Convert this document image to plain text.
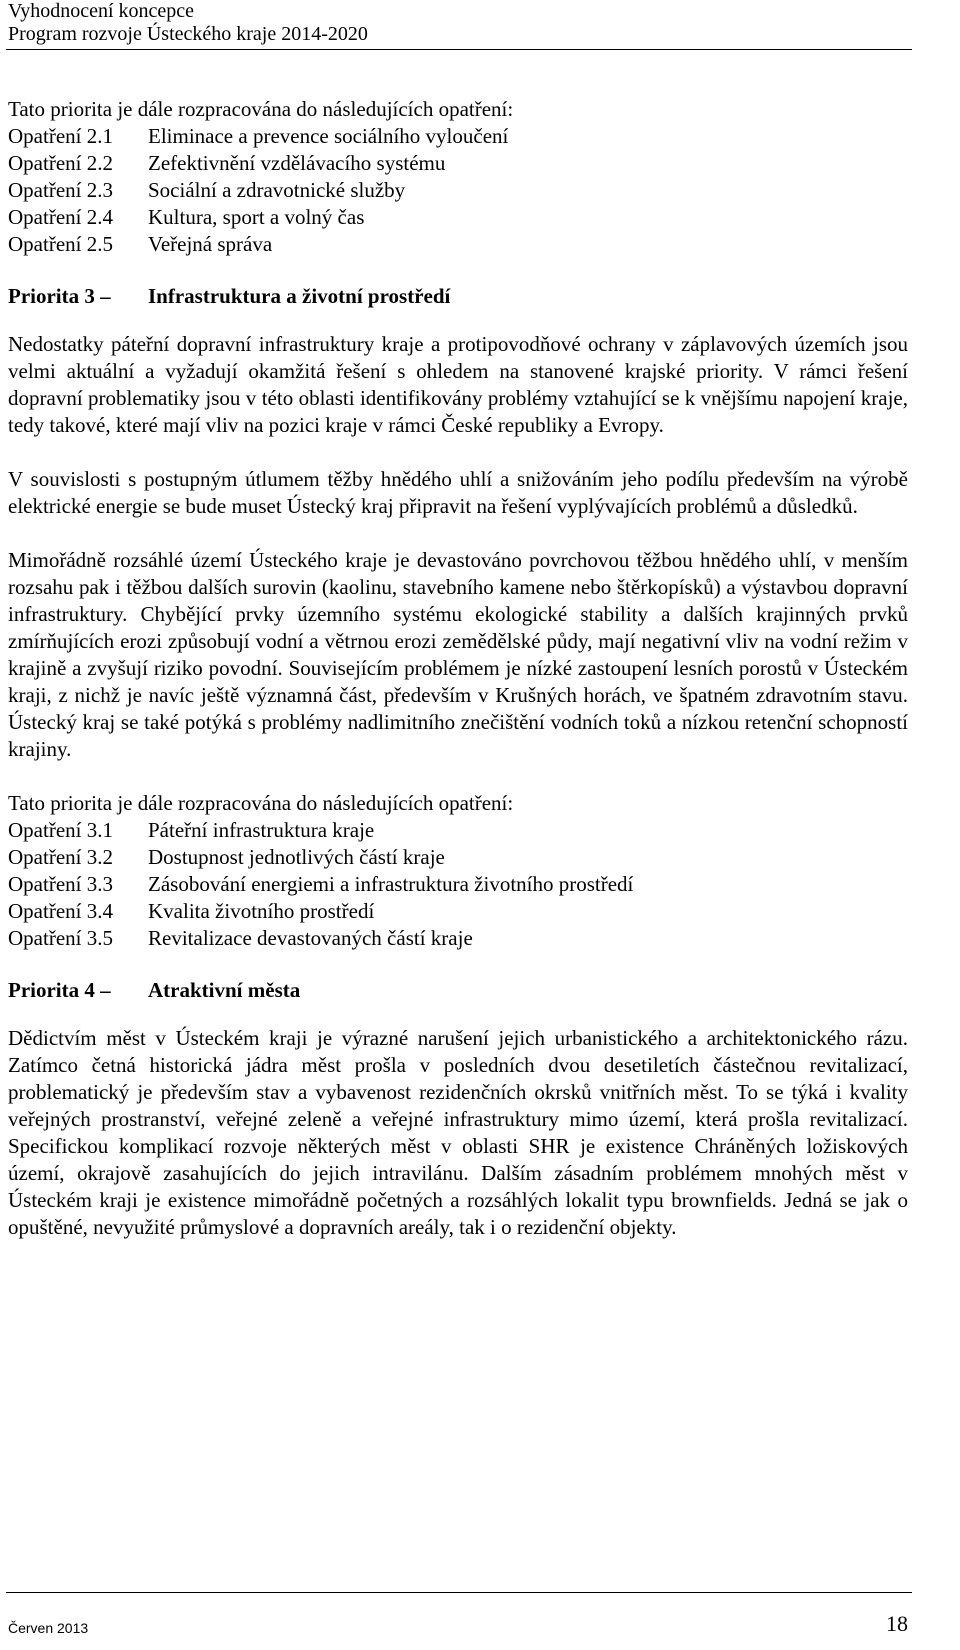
Vyhodnocení koncepce
Program rozvoje Ústeckého kraje 2014-2020

Tato priorita je dále rozpracována do následujících opatření:

Opatření 2.1	Eliminace a prevence sociálního vyloučení
Opatření 2.2	Zefektivnění vzdělávacího systému
Opatření 2.3	Sociální a zdravotnické služby
Opatření 2.4	Kultura, sport a volný čas
Opatření 2.5	Veřejná správa
Priorita 3 –	Infrastruktura a životní prostředí

Nedostatky páteřní dopravní infrastruktury kraje a protipovodňové ochrany v záplavových územích jsou velmi aktuální a vyžadují okamžitá řešení s ohledem na stanovené krajské priority. V rámci řešení dopravní problematiky jsou v této oblasti identifikovány problémy vztahující se k vnějšímu napojení kraje, tedy takové, které mají vliv na pozici kraje v rámci České republiky a Evropy.

V souvislosti s postupným útlumem těžby hnědého uhlí a snižováním jeho podílu především na výrobě elektrické energie se bude muset Ústecký kraj připravit na řešení vyplývajících problémů a důsledků.

Mimořádně rozsáhlé území Ústeckého kraje je devastováno povrchovou těžbou hnědého uhlí, v menším rozsahu pak i těžbou dalších surovin (kaolinu, stavebního kamene nebo štěrkopísků) a výstavbou dopravní infrastruktury. Chybějící prvky územního systému ekologické stability a dalších krajinných prvků zmírňujících erozi způsobují vodní a větrnou erozi zemědělské půdy, mají negativní vliv na vodní režim v krajině a zvyšují riziko povodní. Souvisejícím problémem je nízké zastoupení lesních porostů v Ústeckém kraji, z nichž je navíc ještě významná část, především v Krušných horách, ve špatném zdravotním stavu. Ústecký kraj se také potýká s problémy nadlimitního znečištění vodních toků a nízkou retenční schopností krajiny.

Tato priorita je dále rozpracována do následujících opatření:

Opatření 3.1	Páteřní infrastruktura kraje
Opatření 3.2	Dostupnost jednotlivých částí kraje
Opatření 3.3	Zásobování energiemi a infrastruktura životního prostředí
Opatření 3.4	Kvalita životního prostředí
Opatření 3.5	Revitalizace devastovaných částí kraje
Priorita 4 –	Atraktivní města

Dědictvím měst v Ústeckém kraji je výrazné narušení jejich urbanistického a architektonického rázu. Zatímco četná historická jádra měst prošla v posledních dvou desetiletích částečnou revitalizací, problematický je především stav a vybavenost rezidenčních okrsků vnitřních měst. To se týká i kvality veřejných prostranství, veřejné zeleně a veřejné infrastruktury mimo území, která prošla revitalizací. Specifickou komplikací rozvoje některých měst v oblasti SHR je existence Chráněných ložiskových území, okrajově zasahujících do jejich intravilánu. Dalším zásadním problémem mnohých měst v Ústeckém kraji je existence mimořádně početných a rozsáhlých lokalit typu brownfields. Jedná se jak o opuštěné, nevyužité průmyslové a dopravních areály, tak i o rezidenční objekty.

Červen 2013	18
